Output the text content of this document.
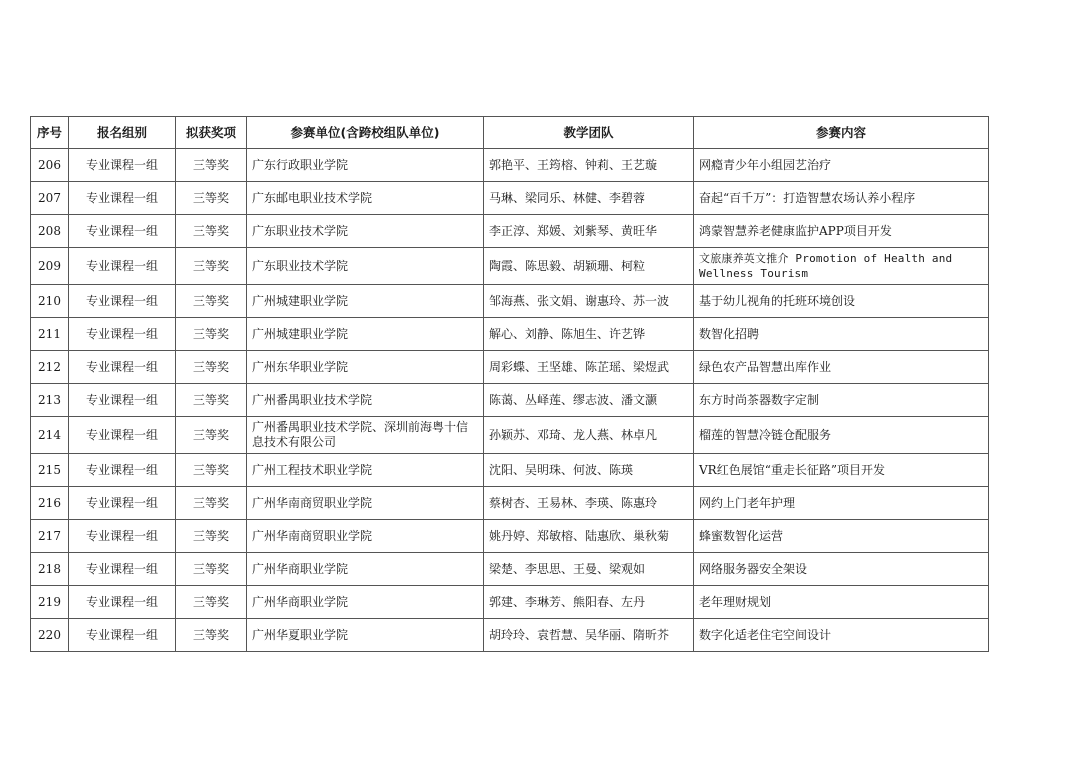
序号	报名组别	拟获奖项	参赛单位(含跨校组队单位)	教学团队	参赛内容
206	专业课程一组	三等奖	广东行政职业学院	郭艳平、王筠榕、钟莉、王艺璇	网瘾青少年小组园艺治疗
207	专业课程一组	三等奖	广东邮电职业技术学院	马琳、梁同乐、林健、李碧蓉	奋起“百千万”：打造智慧农场认养小程序
208	专业课程一组	三等奖	广东职业技术学院	李正淳、郑媛、刘紫琴、黄旺华	鸿蒙智慧养老健康监护APP项目开发
209	专业课程一组	三等奖	广东职业技术学院	陶霞、陈思毅、胡颖珊、柯粒	文旅康养英文推介 Promotion of Health and Wellness Tourism
210	专业课程一组	三等奖	广州城建职业学院	邹海燕、张文娟、谢惠玲、苏一波	基于幼儿视角的托班环境创设
211	专业课程一组	三等奖	广州城建职业学院	解心、刘静、陈旭生、许艺铧	数智化招聘
212	专业课程一组	三等奖	广州东华职业学院	周彩蝶、王坚雄、陈芷瑶、梁煜武	绿色农产品智慧出库作业
213	专业课程一组	三等奖	广州番禺职业技术学院	陈蔼、丛峄莲、缪志波、潘文灏	东方时尚茶器数字定制
214	专业课程一组	三等奖	广州番禺职业技术学院、深圳前海粤十信息技术有限公司	孙颖苏、邓琦、龙人燕、林卓凡	榴莲的智慧冷链仓配服务
215	专业课程一组	三等奖	广州工程技术职业学院	沈阳、吴明珠、何波、陈瑛	VR红色展馆“重走长征路”项目开发
216	专业课程一组	三等奖	广州华南商贸职业学院	蔡树杏、王易林、李瑛、陈惠玲	网约上门老年护理
217	专业课程一组	三等奖	广州华南商贸职业学院	姚丹婷、郑敏榕、陆惠欣、巢秋菊	蜂蜜数智化运营
218	专业课程一组	三等奖	广州华商职业学院	梁楚、李思思、王曼、梁观如	网络服务器安全架设
219	专业课程一组	三等奖	广州华商职业学院	郭建、李琳芳、熊阳春、左丹	老年理财规划
220	专业课程一组	三等奖	广州华夏职业学院	胡玲玲、袁哲慧、吴华丽、隋昕芥	数字化适老住宅空间设计
